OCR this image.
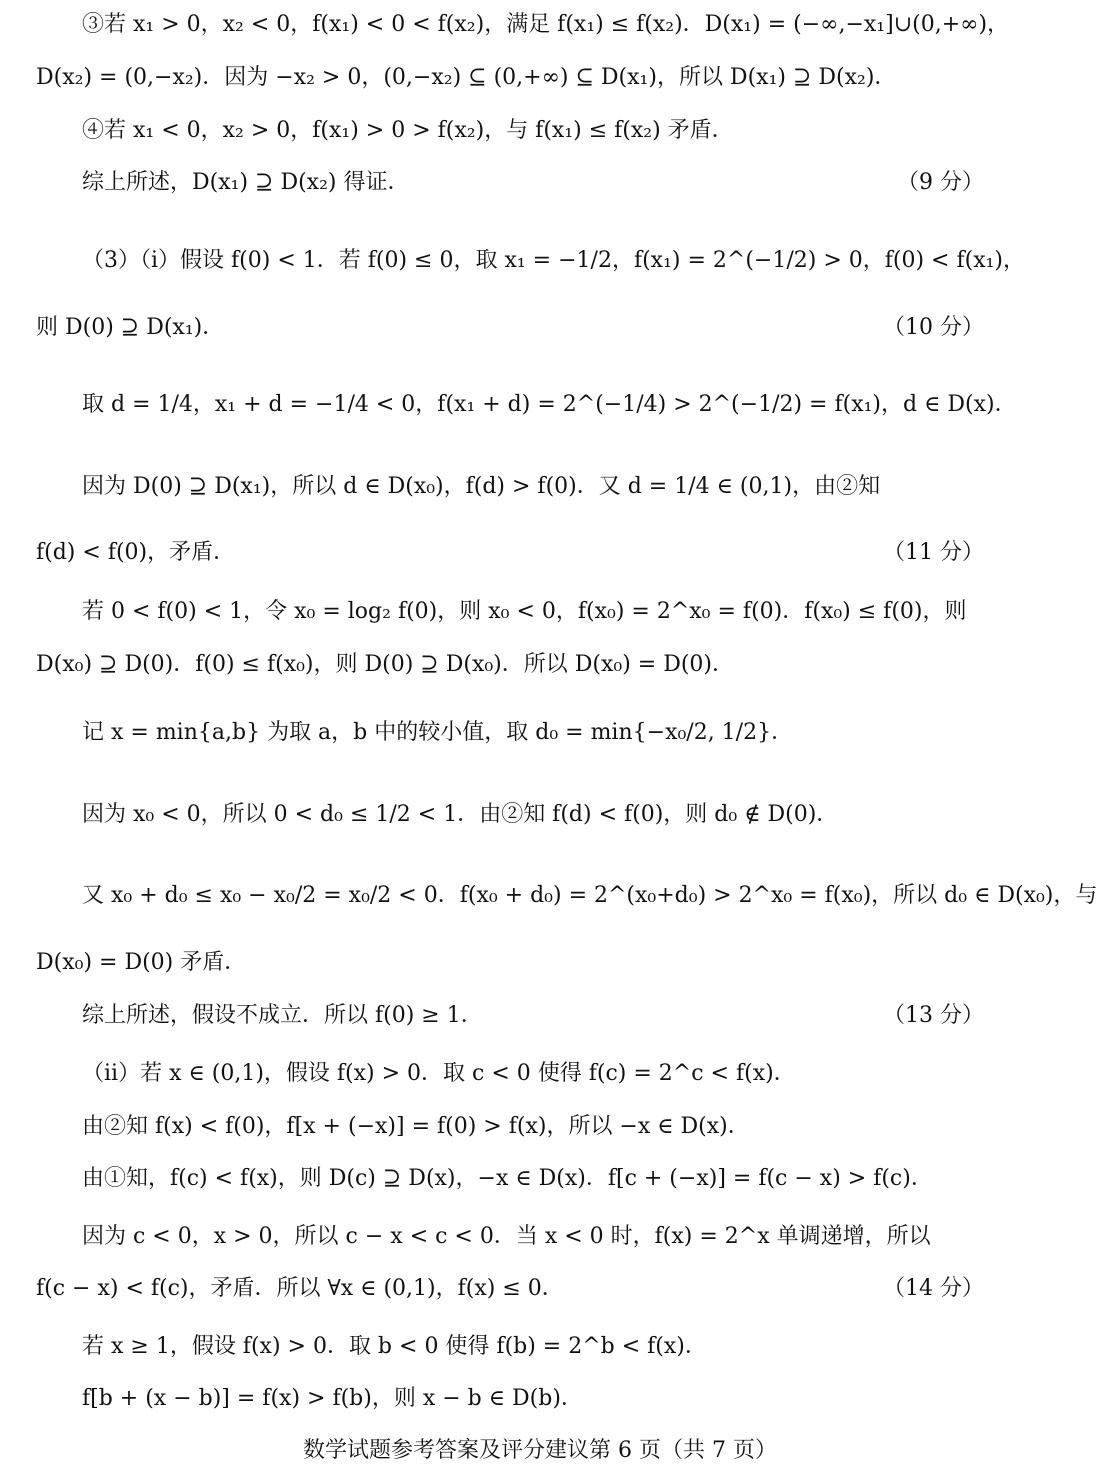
③若 x₁ > 0，x₂ < 0，f(x₁) < 0 < f(x₂)，满足 f(x₁) ≤ f(x₂)．D(x₁) = (−∞,−x₁]∪(0,+∞)，
D(x₂) = (0,−x₂)．因为 −x₂ > 0，(0,−x₂) ⊆ (0,+∞) ⊆ D(x₁)，所以 D(x₁) ⊇ D(x₂)．
④若 x₁ < 0，x₂ > 0，f(x₁) > 0 > f(x₂)，与 f(x₁) ≤ f(x₂) 矛盾．
综上所述，D(x₁) ⊇ D(x₂) 得证．	（9 分）
（3）（ⅰ）假设 f(0) < 1．若 f(0) ≤ 0，取 x₁ = −1/2，f(x₁) = 2^(−1/2) > 0，f(0) < f(x₁)，
则 D(0) ⊇ D(x₁)．	（10 分）
取 d = 1/4，x₁ + d = −1/4 < 0，f(x₁ + d) = 2^(−1/4) > 2^(−1/2) = f(x₁)，d ∈ D(x)．
因为 D(0) ⊇ D(x₁)，所以 d ∈ D(x₀)，f(d) > f(0)．又 d = 1/4 ∈ (0,1)，由②知
f(d) < f(0)，矛盾．	（11 分）
若 0 < f(0) < 1，令 x₀ = log₂ f(0)，则 x₀ < 0，f(x₀) = 2^x₀ = f(0)．f(x₀) ≤ f(0)，则
D(x₀) ⊇ D(0)．f(0) ≤ f(x₀)，则 D(0) ⊇ D(x₀)．所以 D(x₀) = D(0)．
记 x = min{a,b} 为取 a，b 中的较小值，取 d₀ = min{−x₀/2, 1/2}．
因为 x₀ < 0，所以 0 < d₀ ≤ 1/2 < 1．由②知 f(d) < f(0)，则 d₀ ∉ D(0)．
又 x₀ + d₀ ≤ x₀ − x₀/2 = x₀/2 < 0．f(x₀ + d₀) = 2^(x₀+d₀) > 2^x₀ = f(x₀)，所以 d₀ ∈ D(x₀)，与
D(x₀) = D(0) 矛盾．
综上所述，假设不成立．所以 f(0) ≥ 1．	（13 分）
（ⅱ）若 x ∈ (0,1)，假设 f(x) > 0．取 c < 0 使得 f(c) = 2^c < f(x)．
由②知 f(x) < f(0)，f[x + (−x)] = f(0) > f(x)，所以 −x ∈ D(x)．
由①知，f(c) < f(x)，则 D(c) ⊇ D(x)，−x ∈ D(x)．f[c + (−x)] = f(c − x) > f(c)．
因为 c < 0，x > 0，所以 c − x < c < 0．当 x < 0 时，f(x) = 2^x 单调递增，所以
f(c − x) < f(c)，矛盾．所以 ∀x ∈ (0,1)，f(x) ≤ 0．	（14 分）
若 x ≥ 1，假设 f(x) > 0．取 b < 0 使得 f(b) = 2^b < f(x)．
f[b + (x − b)] = f(x) > f(b)，则 x − b ∈ D(b)．
数学试题参考答案及评分建议第 6 页（共 7 页）
